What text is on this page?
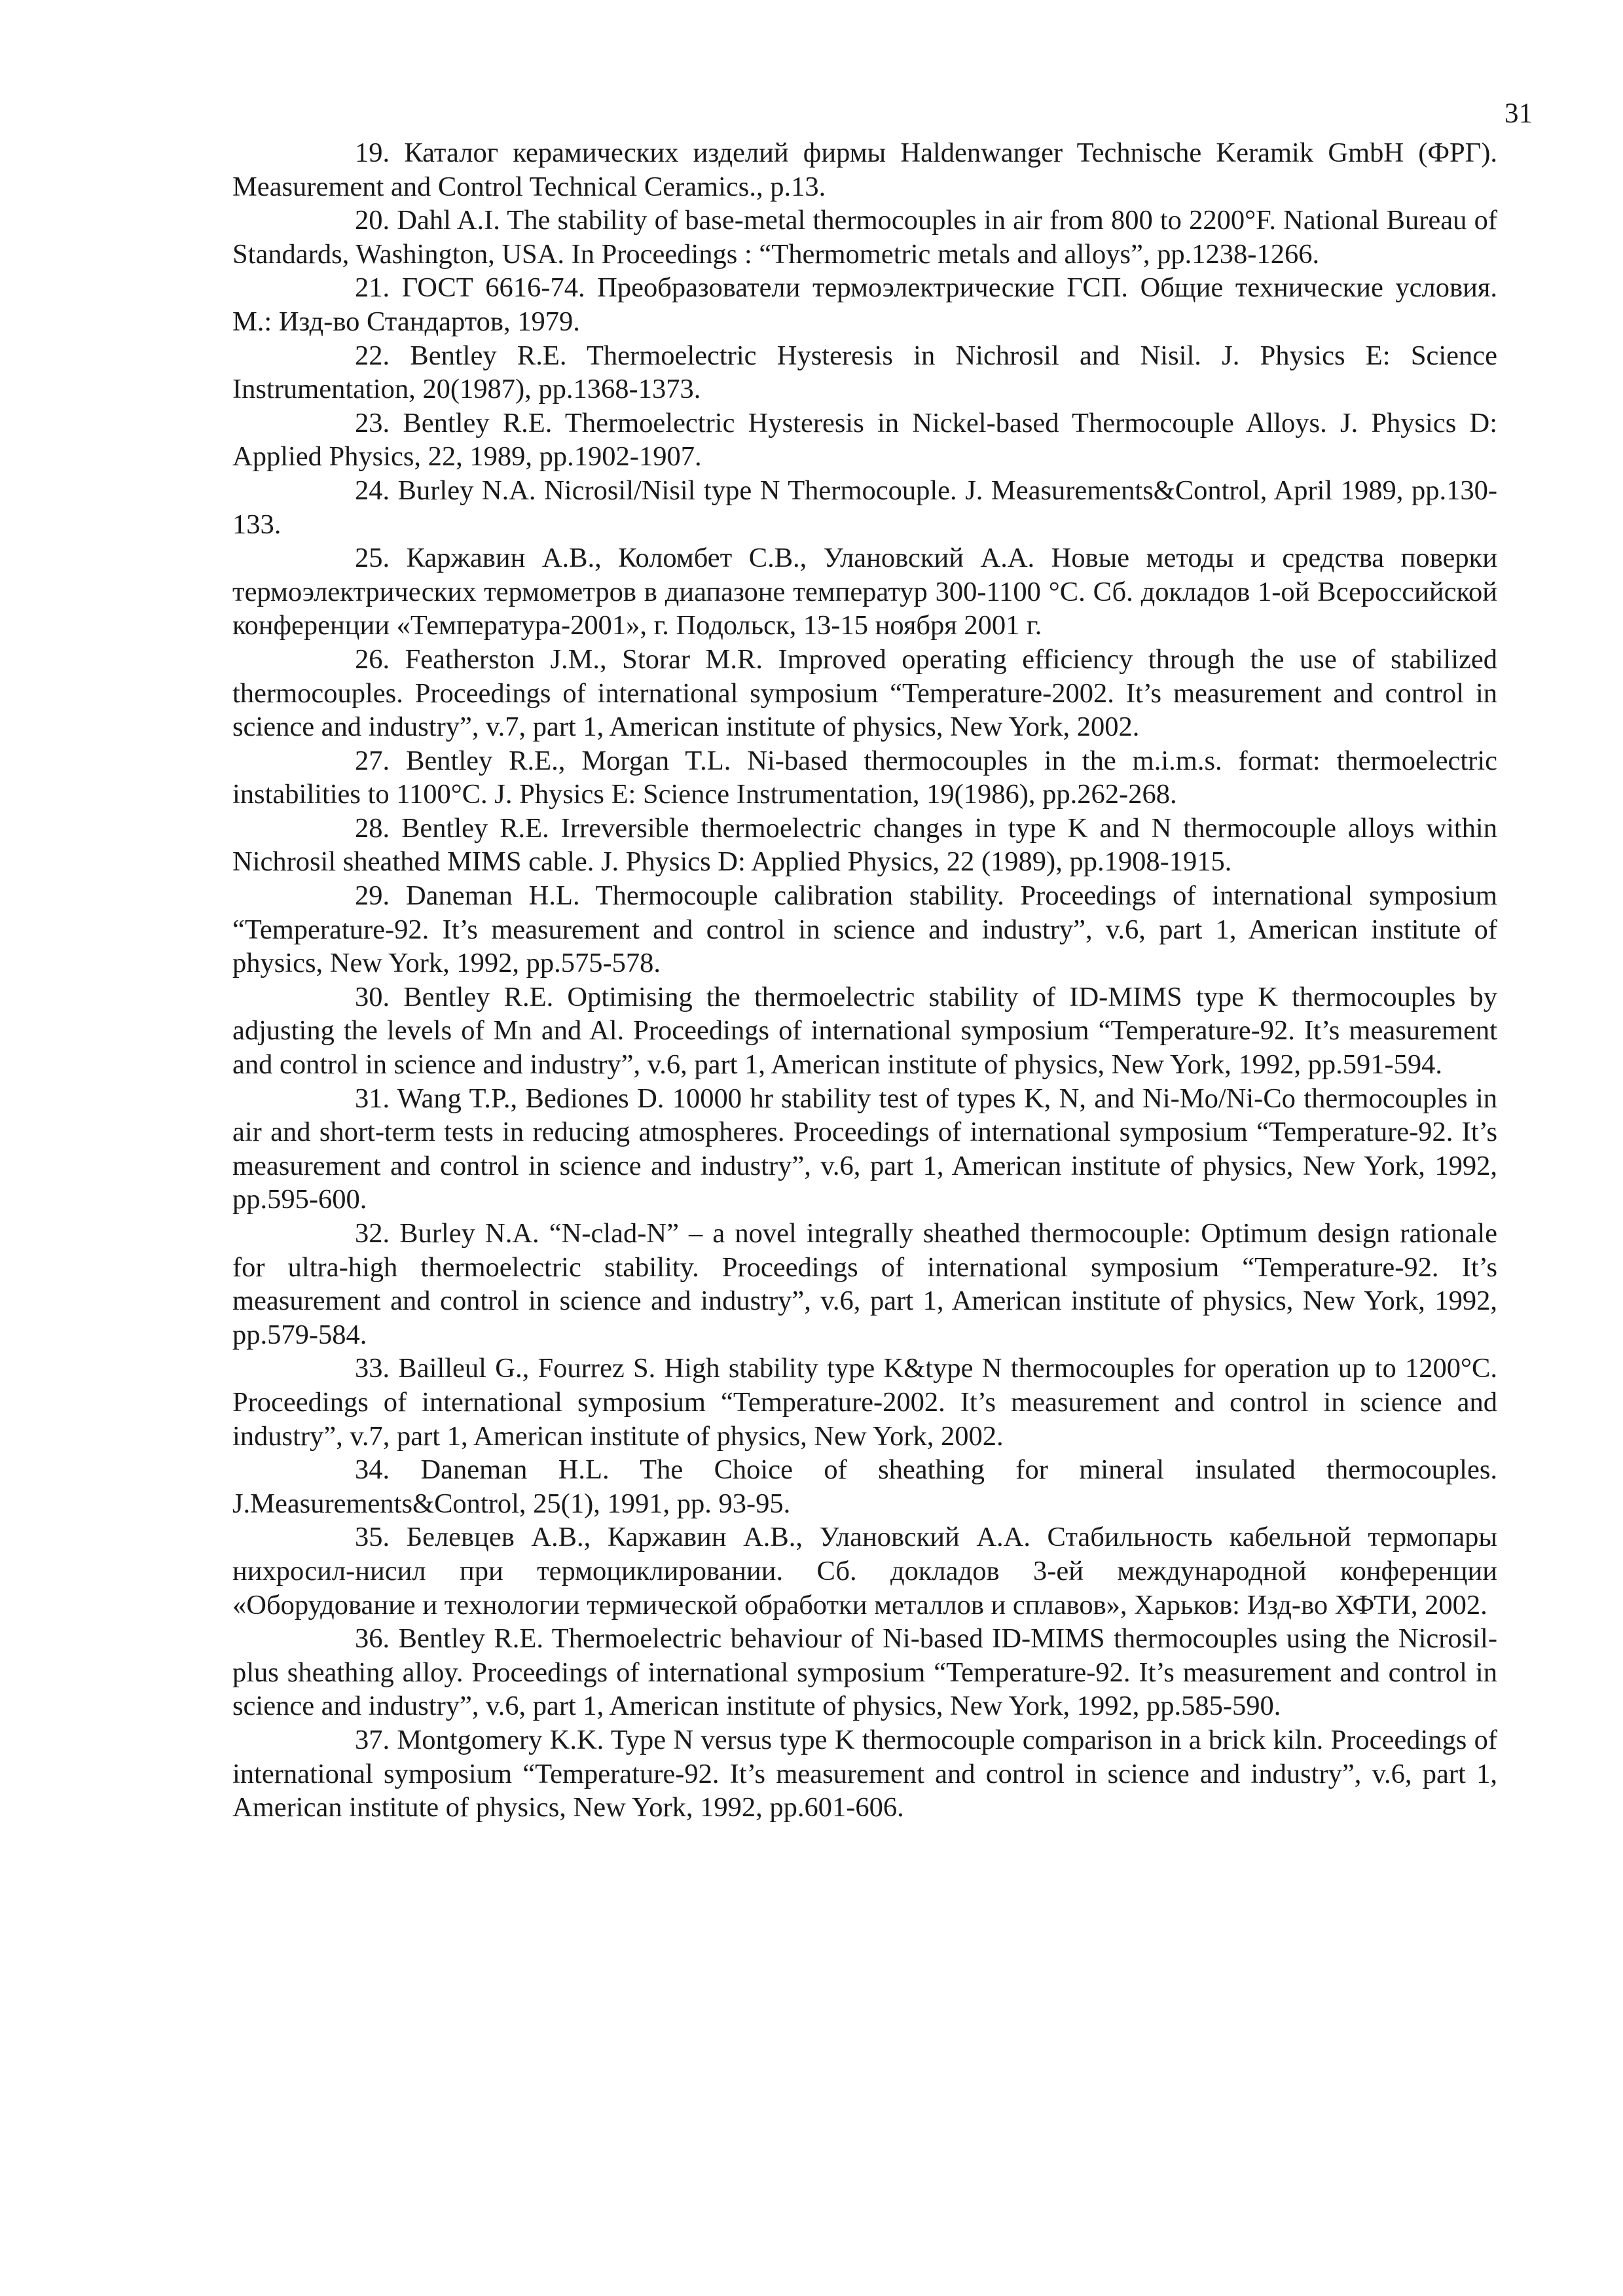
31

19. Каталог керамических изделий фирмы Haldenwanger Technische Keramik GmbH (ФРГ). Measurement and Control Technical Ceramics., p.13.

20. Dahl A.I. The stability of base-metal thermocouples in air from 800 to 2200°F. National Bureau of Standards, Washington, USA. In Proceedings : “Thermometric metals and alloys”, pp.1238-1266.

21. ГОСТ 6616-74. Преобразователи термоэлектрические ГСП. Общие технические условия. М.: Изд-во Стандартов, 1979.

22. Bentley R.E. Thermoelectric Hysteresis in Nichrosil and Nisil. J. Physics E: Science Instrumentation, 20(1987), pp.1368-1373.

23. Bentley R.E. Thermoelectric Hysteresis in Nickel-based Thermocouple Alloys. J. Physics D: Applied Physics, 22, 1989, pp.1902-1907.

24. Burley N.A. Nicrosil/Nisil type N Thermocouple. J. Measurements&Control, April 1989, pp.130-133.

25. Каржавин А.В., Коломбет С.В., Улановский А.А. Новые методы и средства поверки термоэлектрических термометров в диапазоне температур 300-1100 °С. Сб. докладов 1-ой Всероссийской конференции «Температура-2001», г. Подольск, 13-15 ноября 2001 г.

26. Featherston J.M., Storar M.R. Improved operating efficiency through the use of stabilized thermocouples. Proceedings of international symposium “Temperature-2002. It’s measurement and control in science and industry”, v.7, part 1, American institute of physics, New York, 2002.

27. Bentley R.E., Morgan T.L. Ni-based thermocouples in the m.i.m.s. format: thermoelectric instabilities to 1100°C. J. Physics E: Science Instrumentation, 19(1986), pp.262-268.

28. Bentley R.E. Irreversible thermoelectric changes in type K and N thermocouple alloys within Nichrosil sheathed MIMS cable. J. Physics D: Applied Physics, 22 (1989), pp.1908-1915.

29. Daneman H.L. Thermocouple calibration stability. Proceedings of international symposium “Temperature-92. It’s measurement and control in science and industry”, v.6, part 1, American institute of physics, New York, 1992, pp.575-578.

30. Bentley R.E. Optimising the thermoelectric stability of ID-MIMS type K thermocouples by adjusting the levels of Mn and Al. Proceedings of international symposium “Temperature-92. It’s measurement and control in science and industry”, v.6, part 1, American institute of physics, New York, 1992, pp.591-594.

31. Wang T.P., Bediones D. 10000 hr stability test of types K, N, and Ni-Mo/Ni-Co thermocouples in air and short-term tests in reducing atmospheres. Proceedings of international symposium “Temperature-92. It’s measurement and control in science and industry”, v.6, part 1, American institute of physics, New York, 1992, pp.595-600.

32. Burley N.A. “N-clad-N” – a novel integrally sheathed thermocouple: Optimum design rationale for ultra-high thermoelectric stability. Proceedings of international symposium “Temperature-92. It’s measurement and control in science and industry”, v.6, part 1, American institute of physics, New York, 1992, pp.579-584.

33. Bailleul G., Fourrez S. High stability type K&type N thermocouples for operation up to 1200°C. Proceedings of international symposium “Temperature-2002. It’s measurement and control in science and industry”, v.7, part 1, American institute of physics, New York, 2002.

34. Daneman H.L. The Choice of sheathing for mineral insulated thermocouples. J.Measurements&Control, 25(1), 1991, pp. 93-95.

35. Белевцев А.В., Каржавин А.В., Улановский А.А. Стабильность кабельной термопары нихросил-нисил при термоциклировании. Сб. докладов 3-ей международной конференции «Оборудование и технологии термической обработки металлов и сплавов», Харьков: Изд-во ХФТИ, 2002.

36. Bentley R.E. Thermoelectric behaviour of Ni-based ID-MIMS thermocouples using the Nicrosil-plus sheathing alloy. Proceedings of international symposium “Temperature-92. It’s measurement and control in science and industry”, v.6, part 1, American institute of physics, New York, 1992, pp.585-590.

37. Montgomery K.K. Type N versus type K thermocouple comparison in a brick kiln. Proceedings of international symposium “Temperature-92. It’s measurement and control in science and industry”, v.6, part 1, American institute of physics, New York, 1992, pp.601-606.
